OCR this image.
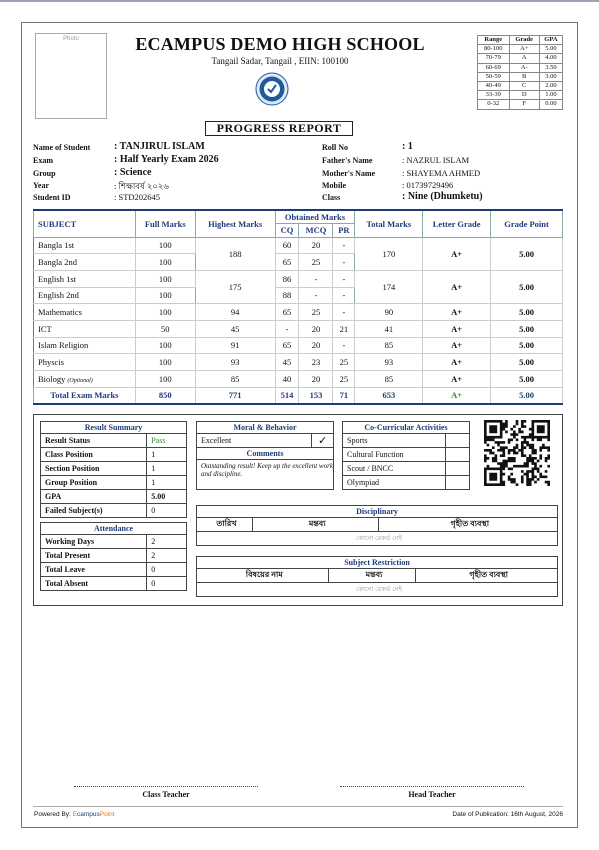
Photo	ECAMPUS DEMO HIGH SCHOOL
Tangail Sadar, Tangail , EIIN: 100100
PROGRESS REPORT
Range	Grade	GPA
80-100	A+	5.00
70-79	A	4.00
60-69	A-	3.50
50-59	B	3.00
40-49	C	2.00
33-39	D	1.00
0-32	F	0.00
Name of Student : TANJIRUL ISLAM
Exam	: Half Yearly Exam 2026
Group	: Science
Year	: শিক্ষাবর্ষ ২০২৬
Student ID	: STD202645
Roll No	: 1
Father's Name	: NAZRUL ISLAM
Mother's Name	: SHAYEMA AHMED
Mobile	: 01739729496
Class	: Nine (Dhumketu)
SUBJECT	Full Marks	Highest Marks	Obtained Marks			Total Marks	Letter Grade	Grade Point
			CQ	MCQ	PR			
Bangla 1st	100	188	60	20	-	170	A+	5.00
Bangla 2nd	100		65	25	-			
English 1st	100	175	86	-	-	174	A+	5.00
English 2nd	100		88	-	-			
Mathematics	100	94	65	25	-	90	A+	5.00
ICT	50	45	-	20	21	41	A+	5.00
Islam Religion	100	91	65	20	-	85	A+	5.00
Physcis	100	93	45	23	25	93	A+	5.00
Biology (Optional)	100	85	40	20	25	85	A+	5.00
Total Exam Marks	850	771	514	153	71	653	A+	5.00
Result Summary	
Result Status	Pass
Class Position	1
Section Position	1
Group Position	1
GPA	5.00
Failed Subject(s)	0
Attendance	
Working Days	2
Total Present	2
Total Leave	0
Total Absent	0
Moral & Behavior
Excellent	✓
Comments
Outstanding result! Keep up the excellent work and discipline.
Co-Curricular Activities	
Sports	
Cultural Function	
Scout / BNCC	
Olympiad	
Disciplinary
তারিখ	মন্তব্য	গৃহীত ব্যবস্থা
কোনো রেকর্ড নেই
Subject Restriction
বিষয়ের নাম	মন্তব্য	গৃহীত ব্যবস্থা
কোনো রেকর্ড নেই
Class Teacher	Head Teacher
Powered By: EcampusPoint	Date of Publication: 16th August, 2026
